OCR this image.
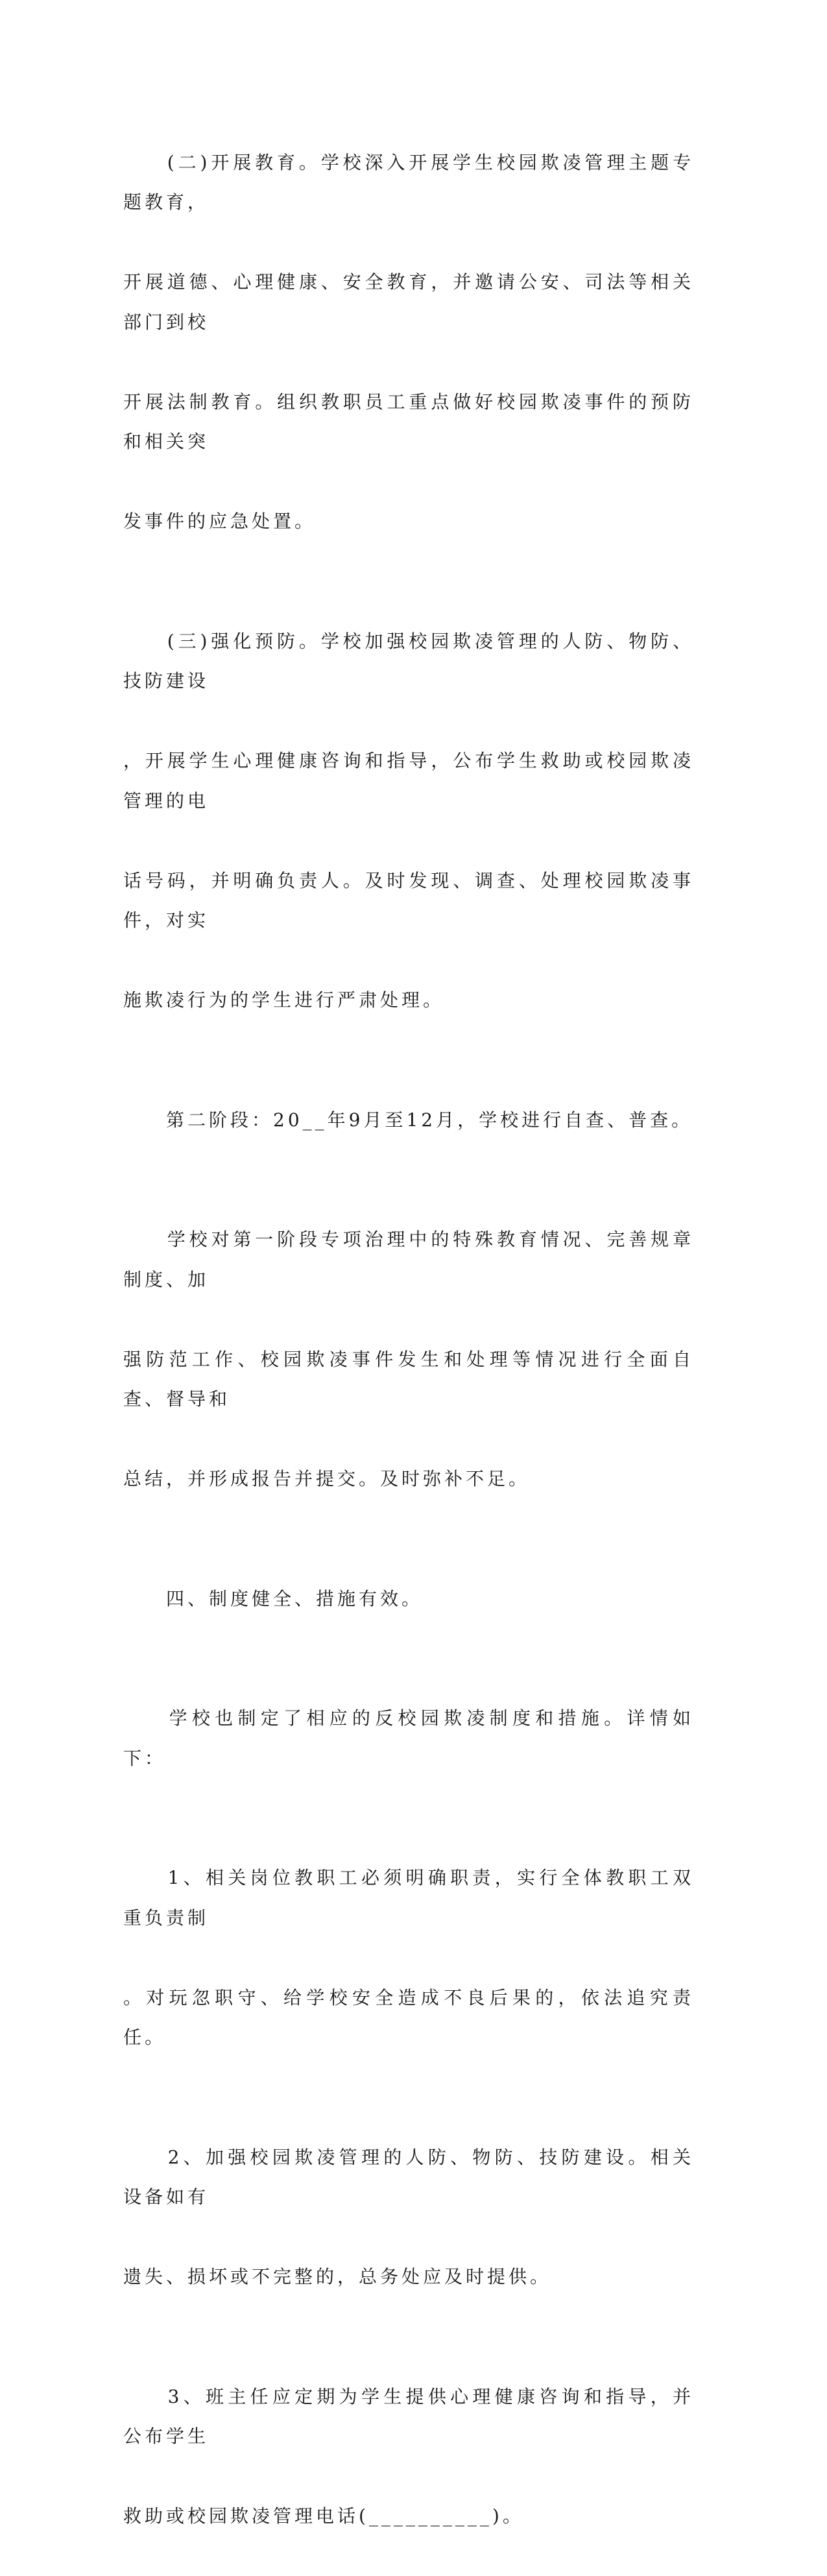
　　(二)开展教育。学校深入开展学生校园欺凌管理主题专题教育，

开展道德、心理健康、安全教育，并邀请公安、司法等相关部门到校

开展法制教育。组织教职员工重点做好校园欺凌事件的预防和相关突

发事件的应急处置。

　　(三)强化预防。学校加强校园欺凌管理的人防、物防、技防建设

，开展学生心理健康咨询和指导，公布学生救助或校园欺凌管理的电

话号码，并明确负责人。及时发现、调查、处理校园欺凌事件，对实

施欺凌行为的学生进行严肃处理。

　　第二阶段：20__年9月至12月，学校进行自查、普查。

　　学校对第一阶段专项治理中的特殊教育情况、完善规章制度、加

强防范工作、校园欺凌事件发生和处理等情况进行全面自查、督导和

总结，并形成报告并提交。及时弥补不足。

　　四、制度健全、措施有效。

　　学校也制定了相应的反校园欺凌制度和措施。详情如下：

　　1、相关岗位教职工必须明确职责，实行全体教职工双重负责制

。对玩忽职守、给学校安全造成不良后果的，依法追究责任。

　　2、加强校园欺凌管理的人防、物防、技防建设。相关设备如有

遗失、损坏或不完整的，总务处应及时提供。

　　3、班主任应定期为学生提供心理健康咨询和指导，并公布学生

救助或校园欺凌管理电话(__________)。
